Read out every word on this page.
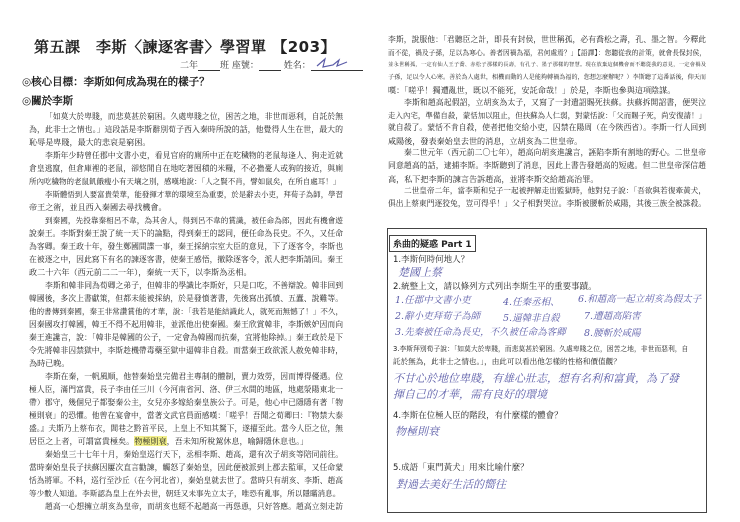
第五課　李斯〈諫逐客書〉學習單 【203】
二年 班 座號：	姓名：
◎核心目標：李斯如何成為現在的樣子？
◎關於李斯
「如莫大於卑賤，而悲莫甚於窮困。久處卑賤之位，困苦之地，非世而惡利，自託於無
為，此非士之情也。」這段話是李斯辭別荀子西入秦時所說的話，他覺得人生在世，最大的
恥辱是卑賤，最大的悲哀是窮困。
李斯年少時曾任郡中文書小吏，看見官府的廁所中正在吃穢物的老鼠每逢人、狗走近就
倉皇逃竄，但倉庫裡的老鼠，卻悠閒自在地吃著囤積的米糧，不必擔憂人或狗的接近，與廁
所內吃穢物的老鼠飢餓瘦小有天壤之別，感嘆地說：「人之賢不肖，譬如鼠矣，在所自處耳！」
李斯體悟到人要富貴榮華，能發揮才華的環境至為重要，於是辭去小吏，拜荀子為師，學習
帝王之術，並且西入秦國去尋找機會。
到秦國，先投靠秦相呂不韋，為其舍人，得到呂不韋的賞識，被任命為郎，因此有機會遊
說秦王。李斯對秦王說了統一天下的論點，得到秦王的認同，便任命為長史。不久，又任命
為客卿。秦王政十年，發生鄭國間諜一事，秦王採納宗室大臣的意見，下了逐客令，李斯也
在被逐之中，因此寫下有名的諫逐客書，使秦王感悟，撤除逐客令，派人把李斯請回。秦王
政二十六年（西元前二二一年），秦統一天下，以李斯為丞相。
李斯和韓非同為荀卿之弟子，但韓非的學識比李斯好，只是口吃，不善辯說。韓非回到
韓國後，多次上書獻策，但都未能被採納，於是發憤著書，先後寫出孤憤、五蠹、說難等。
他的書傳到秦國，秦王非常讚賞他的才華，說：「我若是能結識此人，就死而無憾了！」不久，
因秦國攻打韓國，韓王不得不起用韓非，並派他出使秦國。秦王欣賞韓非，李斯嫉妒因而向
秦王進讒言，說：「韓非是韓國的公子，一定會為韓國而抗秦，宜將他除掉。」秦王政於是下
令先將韓非囚禁獄中，李斯趁機帶毒藥至獄中逼韓非自殺。而當秦王政欲派人赦免韓非時，
為時已晚。
李斯在秦，一帆風順，他替秦始皇完備君主專制的體制，賣力效勞，因而博得優遇。位
極人臣，滿門富貴，長子李由任三川（今河南省河、洛、伊三水間的地區，地處滎陽東北一
帶）郡守，幾個兒子都娶秦公主，女兒亦多嫁給秦皇族公子。可是，他心中已隱隱有著「物
極則衰」的恐懼。他曾在宴會中，當著文武官員面感嘆：「嗟乎！吾聞之荀卿曰：『物禁大泰
盛。』夫斯乃上蔡布衣，閭巷之黔首平民，上皇上不知其駑下，遂擢至此。當今人臣之位，無
居臣之上者，可謂富貴極矣。物極則衰，吾未知所稅駕休息，喻歸隱休息也。」
秦始皇三十七年十月，秦始皇巡行天下，丞相李斯、趙高，還有次子胡亥等陪同前往。
當時秦始皇長子扶蘇因屢次直言勸諫，觸怒了秦始皇，因此便被派到上郡去監軍，又任命蒙
恬為將軍。不料，巡行至沙丘（在今河北省），秦始皇就去世了。當時只有胡亥、李斯、趙高
等少數人知道。李斯認為皇上在外去世，朝廷又未事先立太子，唯恐有亂事，所以隱瞞消息。
趙高一心想擁立胡亥為皇帝，而胡亥也經不起趙高一再慫恿，只好答應。趙高立刻走訪
李斯，說服他：「君聽臣之計，即長有封侯，世世稱孤，必有喬松之壽，孔、墨之智。今釋此
而不從，禍及子孫，足以為寒心。善者因禍為福，君何處焉？」【語譯】：您聽從我的計策，就會長保封侯，
並永世稱孤，一定有仙人王子喬、赤松子那樣的長壽，有孔子、墨子那樣的智慧。現在放棄這個機會而不聽從我的意見，一定會禍及
子孫，足以令人心寒。善於為人處世，相機而動的人是能夠轉禍為福的，您想怎麼辦呢？）李斯聽了這番話後，仰天而
嘆：「嗟乎！獨遭亂世，既以不能死，安託命哉！」於是，李斯也參與這項陰謀。
李斯和趙高起假詔，立胡亥為太子，又寫了一封遺詔賜死扶蘇。扶蘇拆開詔書，便哭泣
走入內宅，準備自殺，蒙恬加以阻止，但扶蘇為人仁弱，對蒙恬說：「父而賜子死，尚安復請！」
就自殺了。蒙恬不肯自殺，使者把他交給小吏，囚禁在陽周（在今陝西省）。李斯一行人回到
咸陽後，發表秦始皇去世的消息，立胡亥為二世皇帝。
秦二世元年（西元前二〇七年），趙高向胡亥進讒言，誣陷李斯有割地的野心。二世皇帝
同意趙高的話，逮捕李斯。李斯聽到了消息，因此上書告發趙高的短處。但二世皇帝深信趙
高，私下把李斯的諫言告訴趙高，並將李斯交給趙高治罪。
二世皇帝二年，當李斯和兒子一起被押解走出監獄時，他對兒子說：「吾欲與若復牽黃犬，
俱出上蔡東門逐狡兔，豈可得乎！」父子相對哭泣。李斯被腰斬於咸陽，其後三族全被誅殺。
糸曲的疑惑 Part 1
1.李斯何時何地人？
楚國上蔡
2.統整上文，請以條列方式列出李斯生平的重要事蹟。
1.任郡中文書小吏
2.辭小吏拜荀子為師
3.先秦被任命為長史，不久被任命為客卿
4.任秦丞相、
5.逼韓非自殺
6.和趙高一起立胡亥為假太子
7.遭趙高陷害
8.腰斬於咸陽
3.李斯拜別荀子說：「如莫大於卑賤，而悲莫甚於窮困。久處卑賤之位，困苦之地，非世而惡利，自
託於無為，此非士之情也。」，由此可以看出他怎樣的性格和價值觀？
不甘心於地位卑賤，有雄心壯志，想有名利和富貴，為了發
揮自己的才華，需有良好的環境
4.李斯在位極人臣的階段，有什麼樣的體會？
物極則衰
5.成語「東門黃犬」用來比喻什麼？
對過去美好生活的嚮往
